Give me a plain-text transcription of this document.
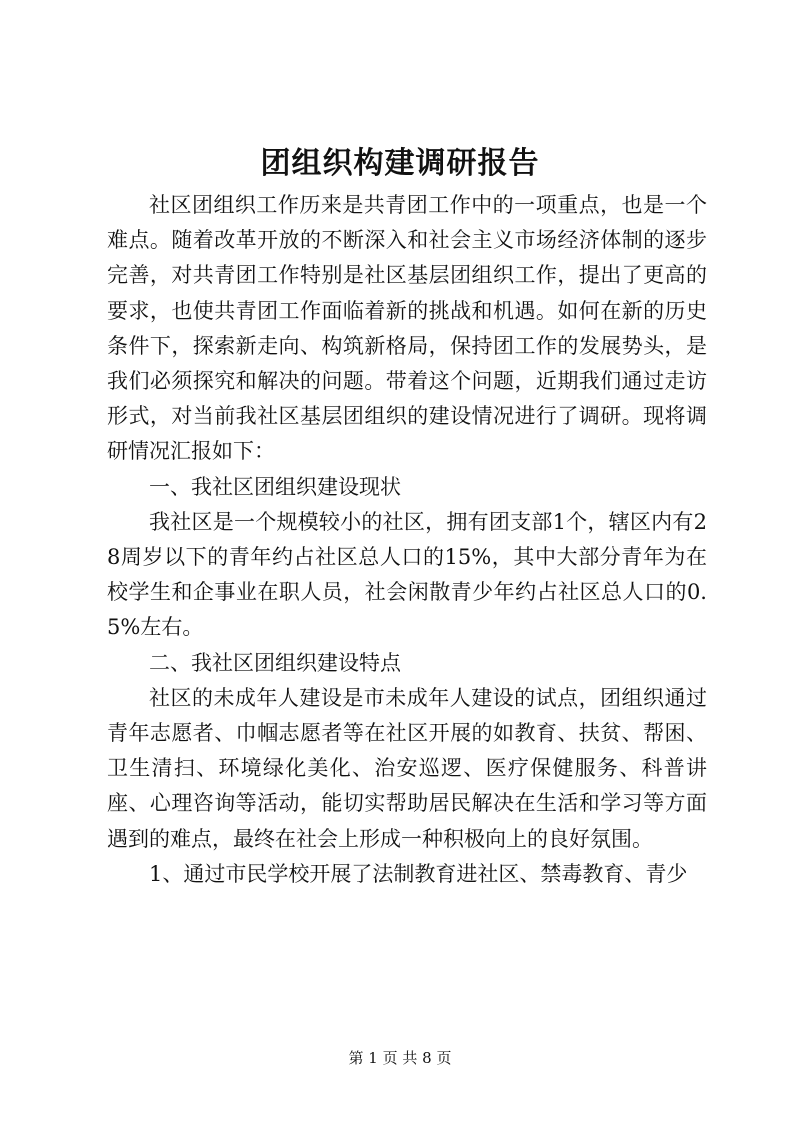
团组织构建调研报告

社区团组织工作历来是共青团工作中的一项重点，也是一个难点。随着改革开放的不断深入和社会主义市场经济体制的逐步完善，对共青团工作特别是社区基层团组织工作，提出了更高的要求，也使共青团工作面临着新的挑战和机遇。如何在新的历史条件下，探索新走向、构筑新格局，保持团工作的发展势头，是我们必须探究和解决的问题。带着这个问题，近期我们通过走访形式，对当前我社区基层团组织的建设情况进行了调研。现将调研情况汇报如下：

一、我社区团组织建设现状

我社区是一个规模较小的社区，拥有团支部1个，辖区内有28周岁以下的青年约占社区总人口的15%，其中大部分青年为在校学生和企事业在职人员，社会闲散青少年约占社区总人口的0.5%左右。

二、我社区团组织建设特点

社区的未成年人建设是市未成年人建设的试点，团组织通过青年志愿者、巾帼志愿者等在社区开展的如教育、扶贫、帮困、卫生清扫、环境绿化美化、治安巡逻、医疗保健服务、科普讲座、心理咨询等活动，能切实帮助居民解决在生活和学习等方面遇到的难点，最终在社会上形成一种积极向上的良好氛围。

1、通过市民学校开展了法制教育进社区、禁毒教育、青少

第 1 页 共 8 页
